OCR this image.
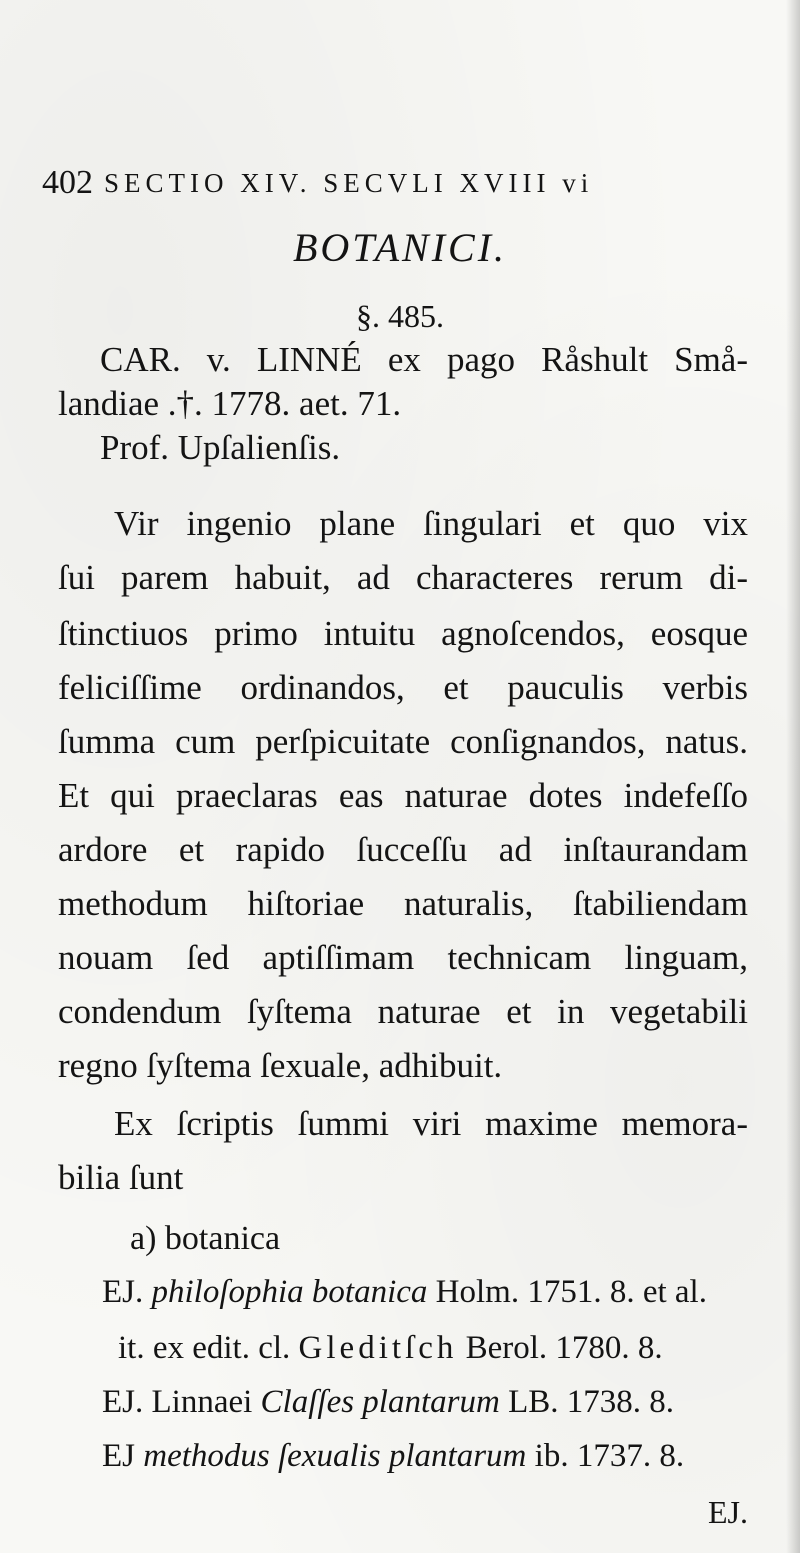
402 SECTIO XIV. SECVLI XVIII vi
BOTANICI.
§. 485.
CAR. v. LINNÉ ex pago Råshult Små-
landiae .†. 1778. aet. 71.
Prof. Upſalienſis.
Vir ingenio plane ſingulari et quo vix
ſui parem habuit, ad characteres rerum di-
ſtinctiuos primo intuitu agnoſcendos, eosque
feliciſſime ordinandos, et pauculis verbis
ſumma cum perſpicuitate conſignandos, natus.
Et qui praeclaras eas naturae dotes indefeſſo
ardore et rapido ſucceſſu ad inſtaurandam
methodum hiſtoriae naturalis, ſtabiliendam
nouam ſed aptiſſimam technicam linguam,
condendum ſyſtema naturae et in vegetabili
regno ſyſtema ſexuale, adhibuit.
Ex ſcriptis ſummi viri maxime memora-
bilia ſunt
a) botanica
EJ. philoſophia botanica Holm. 1751. 8. et al.
it. ex edit. cl. Gleditſch Berol. 1780. 8.
EJ. Linnaei Claſſes plantarum LB. 1738. 8.
EJ methodus ſexualis plantarum ib. 1737. 8.
EJ.
